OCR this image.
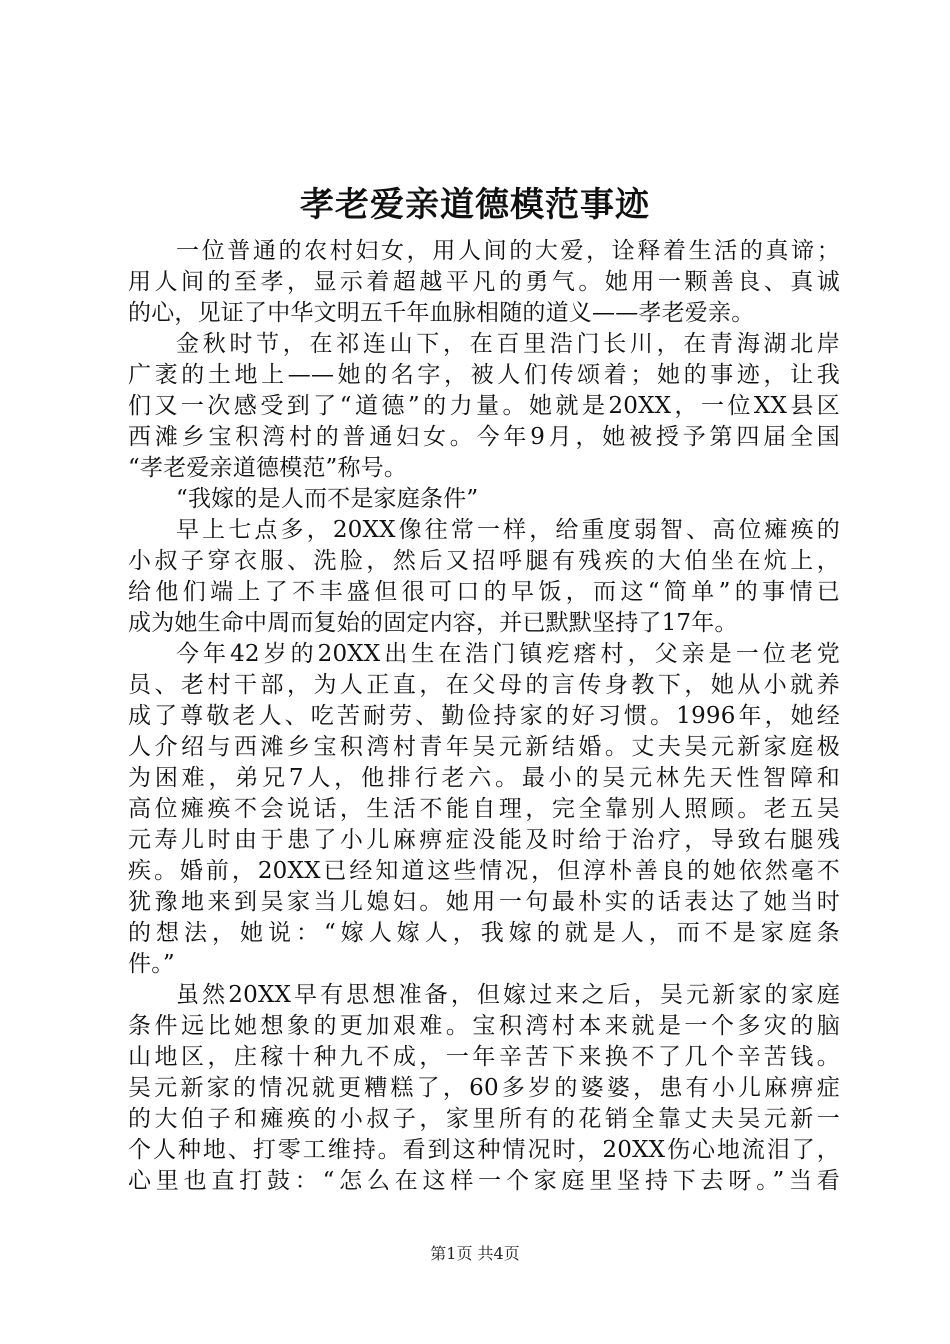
孝老爱亲道德模范事迹
一位普通的农村妇女，用人间的大爱，诠释着生活的真谛；
用人间的至孝，显示着超越平凡的勇气。她用一颗善良、真诚
的心，见证了中华文明五千年血脉相随的道义——孝老爱亲。
金秋时节，在祁连山下，在百里浩门长川，在青海湖北岸
广袤的土地上——她的名字，被人们传颂着；她的事迹，让我
们又一次感受到了“道德”的力量。她就是20XX，一位XX县区
西滩乡宝积湾村的普通妇女。今年9月，她被授予第四届全国
“孝老爱亲道德模范”称号。
“我嫁的是人而不是家庭条件”
早上七点多，20XX像往常一样，给重度弱智、高位瘫痪的
小叔子穿衣服、洗脸，然后又招呼腿有残疾的大伯坐在炕上，
给他们端上了不丰盛但很可口的早饭，而这“简单”的事情已
成为她生命中周而复始的固定内容，并已默默坚持了17年。
今年42岁的20XX出生在浩门镇疙瘩村，父亲是一位老党
员、老村干部，为人正直，在父母的言传身教下，她从小就养
成了尊敬老人、吃苦耐劳、勤俭持家的好习惯。1996年，她经
人介绍与西滩乡宝积湾村青年吴元新结婚。丈夫吴元新家庭极
为困难，弟兄7人，他排行老六。最小的吴元林先天性智障和
高位瘫痪不会说话，生活不能自理，完全靠别人照顾。老五吴
元寿儿时由于患了小儿麻痹症没能及时给于治疗，导致右腿残
疾。婚前，20XX已经知道这些情况，但淳朴善良的她依然毫不
犹豫地来到吴家当儿媳妇。她用一句最朴实的话表达了她当时
的想法，她说：“嫁人嫁人，我嫁的就是人，而不是家庭条
件。”
虽然20XX早有思想准备，但嫁过来之后，吴元新家的家庭
条件远比她想象的更加艰难。宝积湾村本来就是一个多灾的脑
山地区，庄稼十种九不成，一年辛苦下来换不了几个辛苦钱。
吴元新家的情况就更糟糕了，60多岁的婆婆，患有小儿麻痹症
的大伯子和瘫痪的小叔子，家里所有的花销全靠丈夫吴元新一
个人种地、打零工维持。看到这种情况时，20XX伤心地流泪了，
心里也直打鼓：“怎么在这样一个家庭里坚持下去呀。”当看
第1页 共4页
